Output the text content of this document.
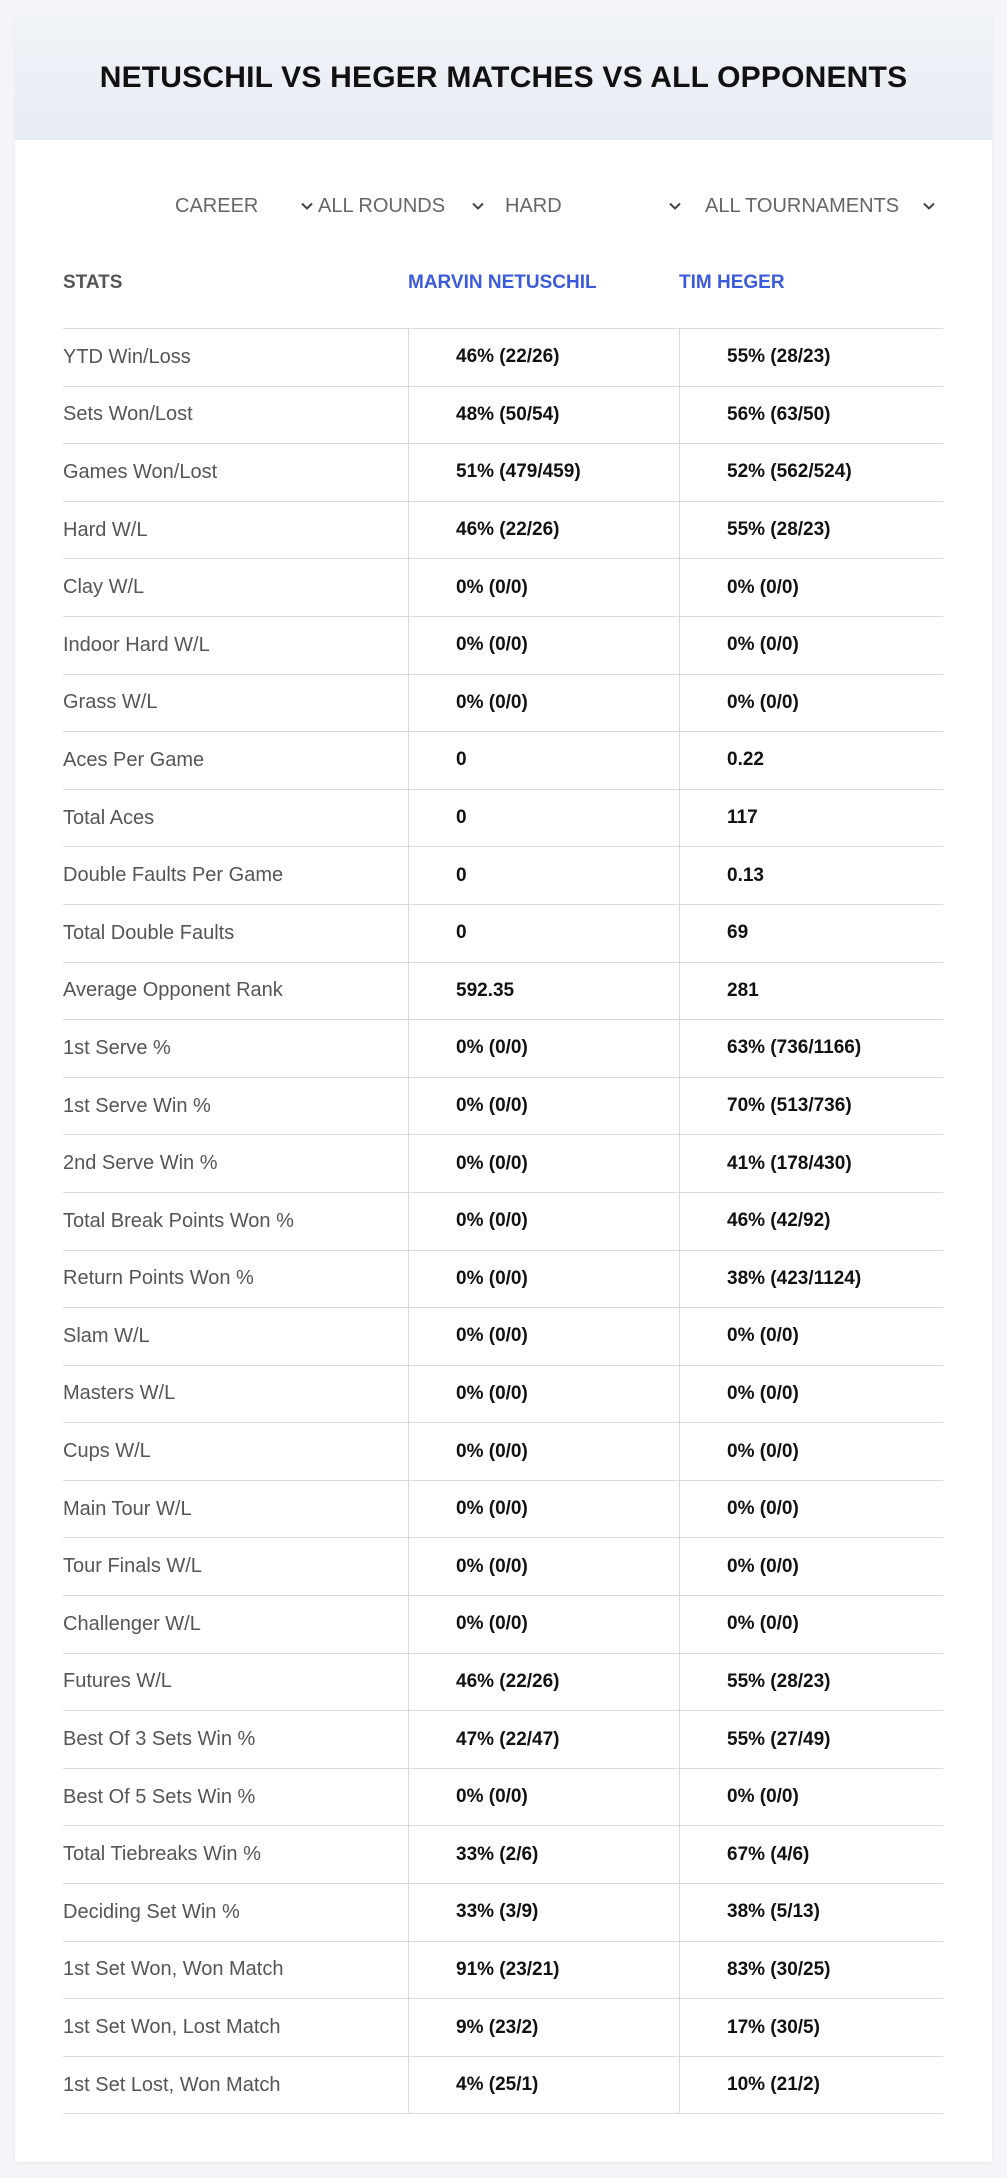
NETUSCHIL VS HEGER MATCHES VS ALL OPPONENTS
CAREER	ALL ROUNDS	HARD	ALL TOURNAMENTS
STATS	MARVIN NETUSCHIL	TIM HEGER
YTD Win/Loss	46% (22/26)	55% (28/23)
Sets Won/Lost	48% (50/54)	56% (63/50)
Games Won/Lost	51% (479/459)	52% (562/524)
Hard W/L	46% (22/26)	55% (28/23)
Clay W/L	0% (0/0)	0% (0/0)
Indoor Hard W/L	0% (0/0)	0% (0/0)
Grass W/L	0% (0/0)	0% (0/0)
Aces Per Game	0	0.22
Total Aces	0	117
Double Faults Per Game	0	0.13
Total Double Faults	0	69
Average Opponent Rank	592.35	281
1st Serve %	0% (0/0)	63% (736/1166)
1st Serve Win %	0% (0/0)	70% (513/736)
2nd Serve Win %	0% (0/0)	41% (178/430)
Total Break Points Won %	0% (0/0)	46% (42/92)
Return Points Won %	0% (0/0)	38% (423/1124)
Slam W/L	0% (0/0)	0% (0/0)
Masters W/L	0% (0/0)	0% (0/0)
Cups W/L	0% (0/0)	0% (0/0)
Main Tour W/L	0% (0/0)	0% (0/0)
Tour Finals W/L	0% (0/0)	0% (0/0)
Challenger W/L	0% (0/0)	0% (0/0)
Futures W/L	46% (22/26)	55% (28/23)
Best Of 3 Sets Win %	47% (22/47)	55% (27/49)
Best Of 5 Sets Win %	0% (0/0)	0% (0/0)
Total Tiebreaks Win %	33% (2/6)	67% (4/6)
Deciding Set Win %	33% (3/9)	38% (5/13)
1st Set Won, Won Match	91% (23/21)	83% (30/25)
1st Set Won, Lost Match	9% (23/2)	17% (30/5)
1st Set Lost, Won Match	4% (25/1)	10% (21/2)
